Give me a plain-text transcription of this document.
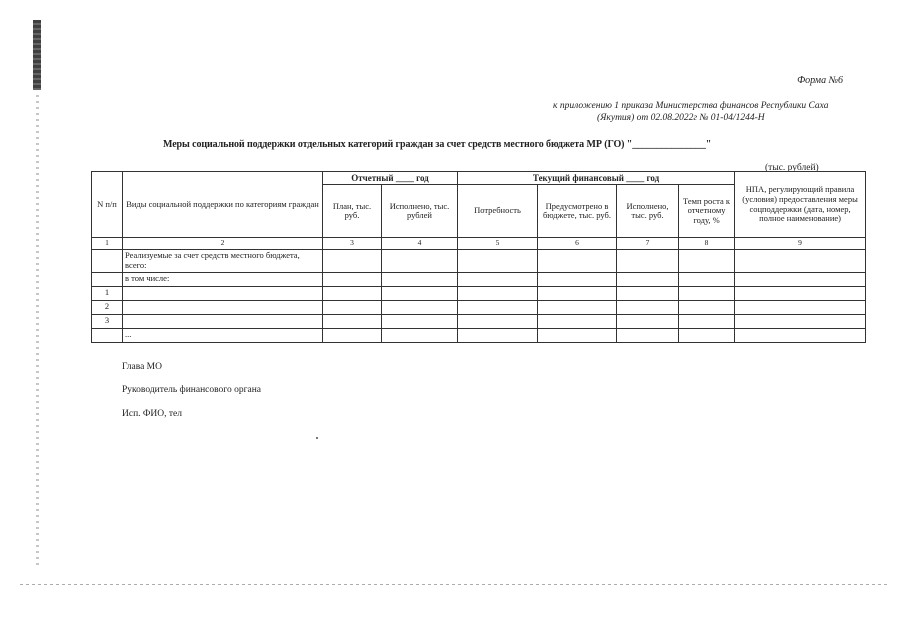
Форма №6
к приложению 1 приказа Министерства финансов Республики Саха
(Якутия) от 02.08.2022г № 01-04/1244-Н
Меры социальной поддержки отдельных категорий граждан за счет средств местного бюджета МР (ГО) "_______________"
(тыс. рублей)
N п/п	Виды социальной поддержки по категориям граждан	Отчетный ____ год		Текущий финансовый ____ год				НПА, регулирующий правила (условия) предоставления меры соцподдержки (дата, номер, полное наименование)
		План, тыс. руб.	Исполнено, тыс. рублей	Потребность	Предусмотрено в бюджете, тыс. руб.	Исполнено, тыс. руб.	Темп роста к отчетному году, %	
1	2	3	4	5	6	7	8	9
	Реализуемые за счет средств местного бюджета, всего:							
	в том числе:							
1								
2								
3								
	...							
Глава МО
Руководитель финансового органа
Исп. ФИО, тел
